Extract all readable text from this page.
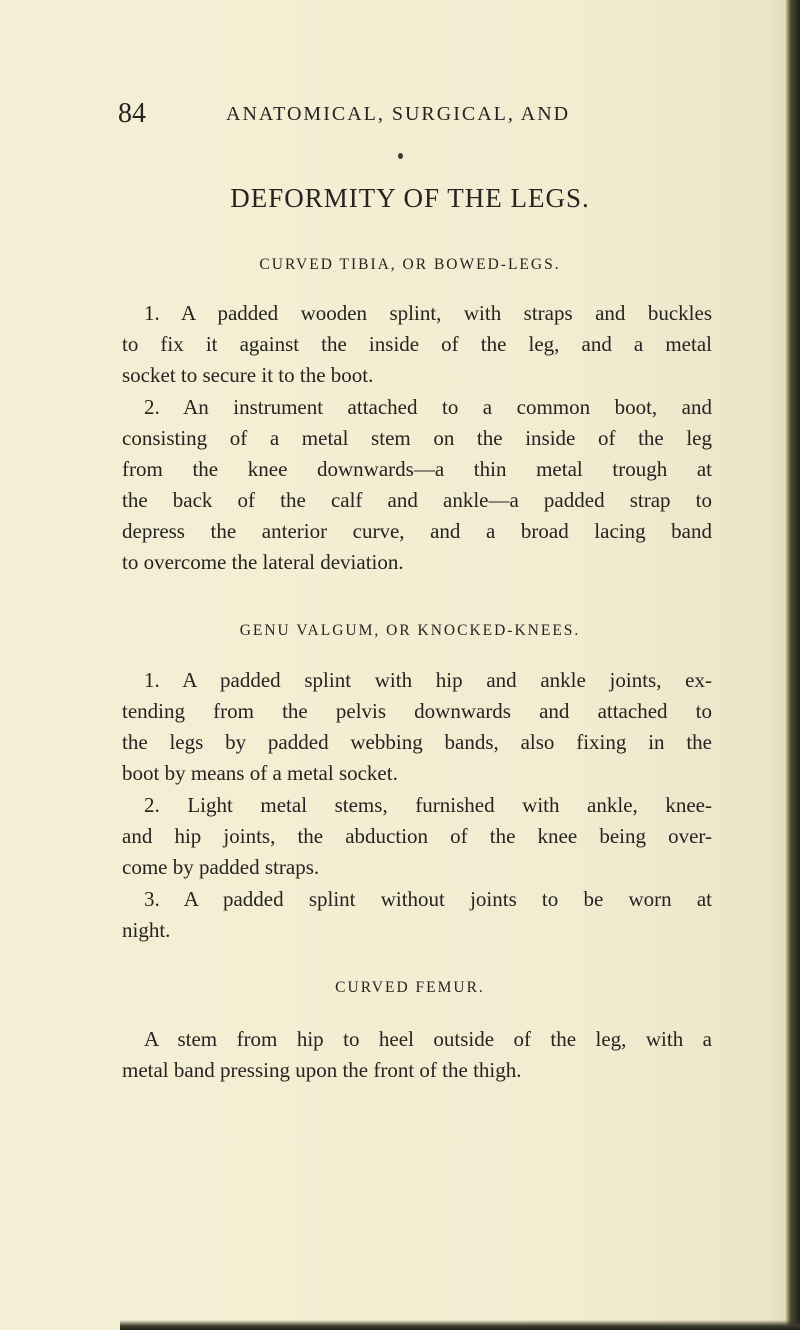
84	ANATOMICAL, SURGICAL, AND
DEFORMITY OF THE LEGS.
CURVED TIBIA, OR BOWED-LEGS.
1. A padded wooden splint, with straps and buckles
to fix it against the inside of the leg, and a metal
socket to secure it to the boot.
2. An instrument attached to a common boot, and
consisting of a metal stem on the inside of the leg
from the knee downwards—a thin metal trough at
the back of the calf and ankle—a padded strap to
depress the anterior curve, and a broad lacing band
to overcome the lateral deviation.
GENU VALGUM, OR KNOCKED-KNEES.
1. A padded splint with hip and ankle joints, ex-
tending from the pelvis downwards and attached to
the legs by padded webbing bands, also fixing in the
boot by means of a metal socket.
2. Light metal stems, furnished with ankle, knee-
and hip joints, the abduction of the knee being over-
come by padded straps.
3. A padded splint without joints to be worn at
night.
CURVED FEMUR.
A stem from hip to heel outside of the leg, with a
metal band pressing upon the front of the thigh.
